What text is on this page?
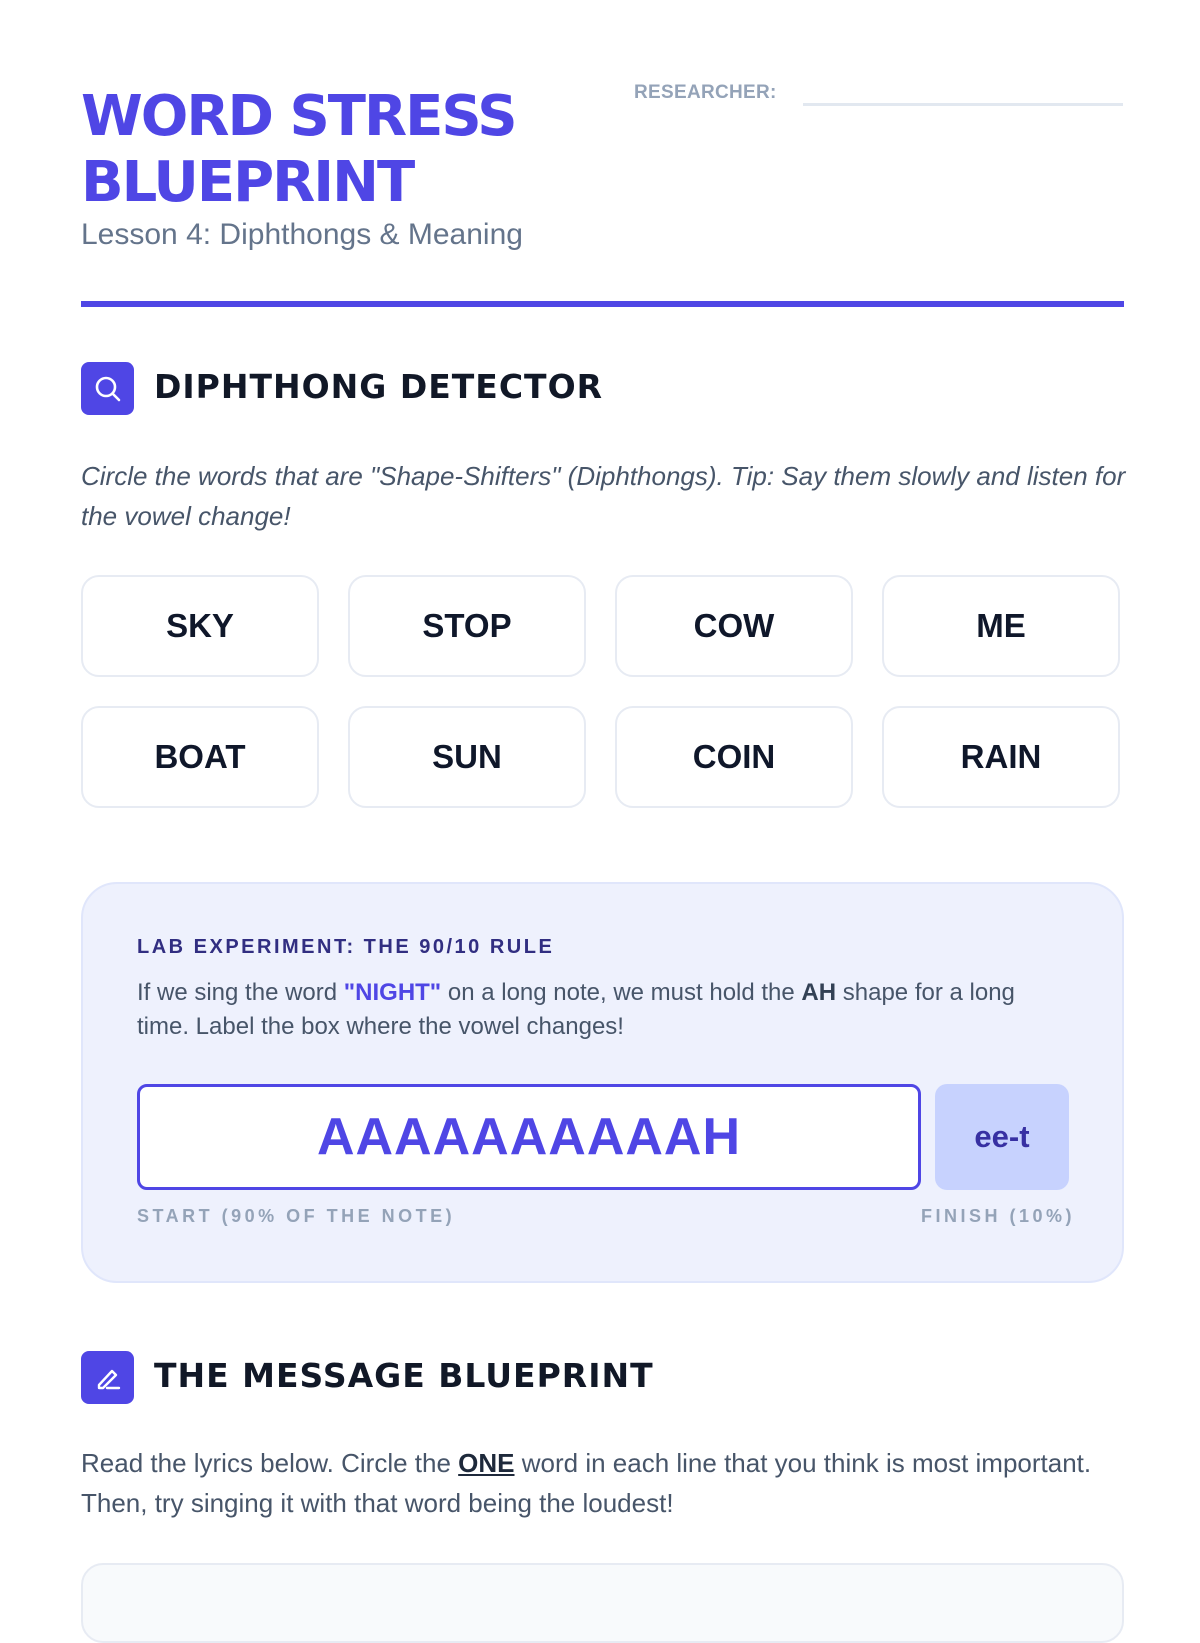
WORD STRESS
BLUEPRINT
Lesson 4: Diphthongs & Meaning
RESEARCHER:
DIPHTHONG DETECTOR
Circle the words that are "Shape-Shifters" (Diphthongs). Tip: Say them slowly and listen for the vowel change!
SKY	STOP	COW	ME
BOAT	SUN	COIN	RAIN
LAB EXPERIMENT: THE 90/10 RULE
If we sing the word "NIGHT" on a long note, we must hold the AH shape for a long time. Label the box where the vowel changes!
AAAAAAAAAAH	ee-t
START (90% OF THE NOTE)	FINISH (10%)
THE MESSAGE BLUEPRINT
Read the lyrics below. Circle the ONE word in each line that you think is most important. Then, try singing it with that word being the loudest!
